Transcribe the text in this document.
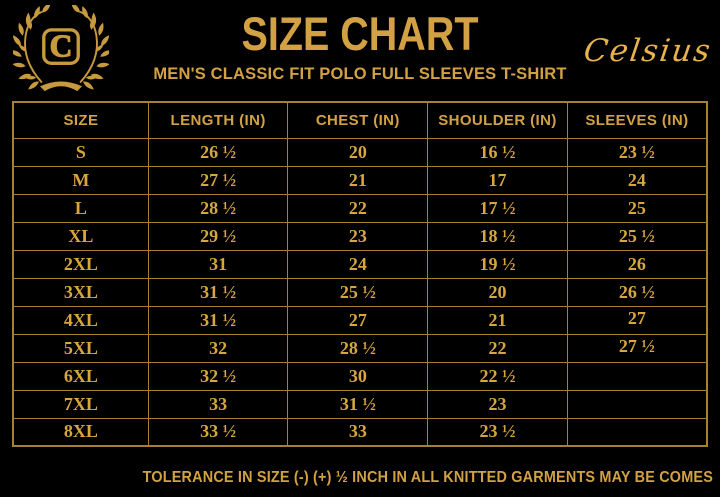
C	SIZE CHART
MEN'S CLASSIC FIT POLO FULL SLEEVES T-SHIRT
Celsius
SIZE	LENGTH (IN)	CHEST (IN)	SHOULDER (IN)	SLEEVES (IN)
S	26 ½	20	16 ½	23 ½
M	27 ½	21	17	24
L	28 ½	22	17 ½	25
XL	29 ½	23	18 ½	25 ½
2XL	31	24	19 ½	26
3XL	31 ½	25 ½	20	26 ½
4XL	31 ½	27	21	27
5XL	32	28 ½	22	27 ½
6XL	32 ½	30	22 ½	
7XL	33	31 ½	23	
8XL	33 ½	33	23 ½	
TOLERANCE IN SIZE (-) (+) ½ INCH IN ALL KNITTED GARMENTS MAY BE COMES
